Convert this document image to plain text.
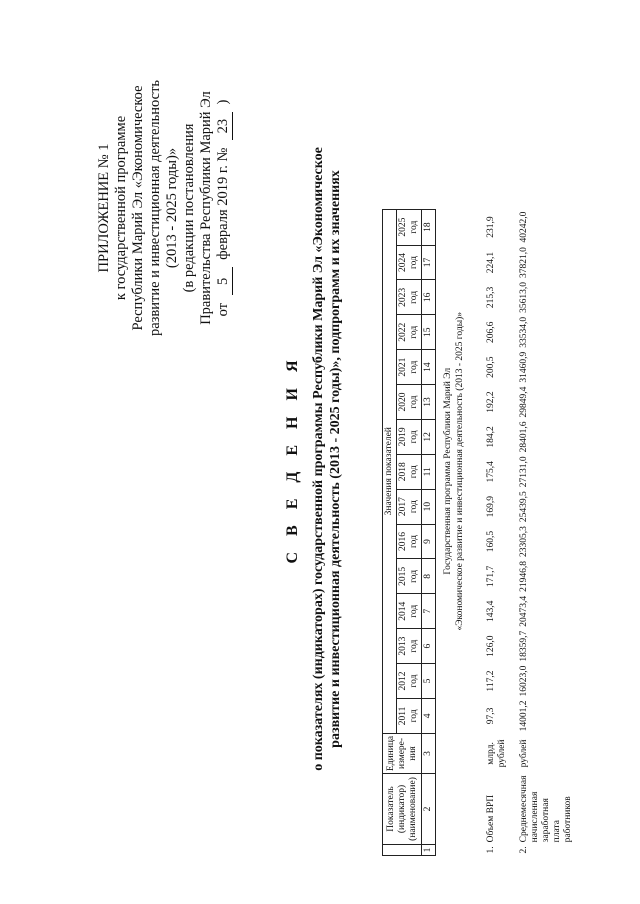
ПРИЛОЖЕНИЕ № 1 к государственной программе Республики Марий Эл «Экономическое развитие и инвестиционная деятельность (2013 - 2025 годы)» (в редакции постановления Правительства Республики Марий Эл от 5 февраля 2019 г. № 23 )
С В Е Д Е Н И Я о показателях (индикаторах) государственной программы Республики Марий Эл «Экономическое развитие и инвестиционная деятельность (2013 - 2025 годы)», подпрограмм и их значениях
	Показатель (индикатор) (наименование)	Единица измере-ния	Значения показателей														
			2011 год	2012 год	2013 год	2014 год	2015 год	2016 год	2017 год	2018 год	2019 год	2020 год	2021 год	2022 год	2023 год	2024 год	2025 год
1	2	3	4	5	6	7	8	9	10	11	12	13	14	15	16	17	18

			Государственная программа Республики Марий Эл «Экономическое развитие и инвестиционная деятельность (2013 - 2025 годы)»														

1.	Объем ВРП	млрд. рублей	97,3	117,2	126,0	143,4	171,7	160,5	169,9	175,4	184,2	192,2	200,5	206,6	215,3	224,1	231,9
2.	Среднемесячная начисленная заработная плата работников	рублей	14001,2	16023,0	18359,7	20473,4	21946,8	23305,3	25439,5	27131,0	28401,6	29849,4	31460,9	33534,0	35613,0	37821,0	40242,0
